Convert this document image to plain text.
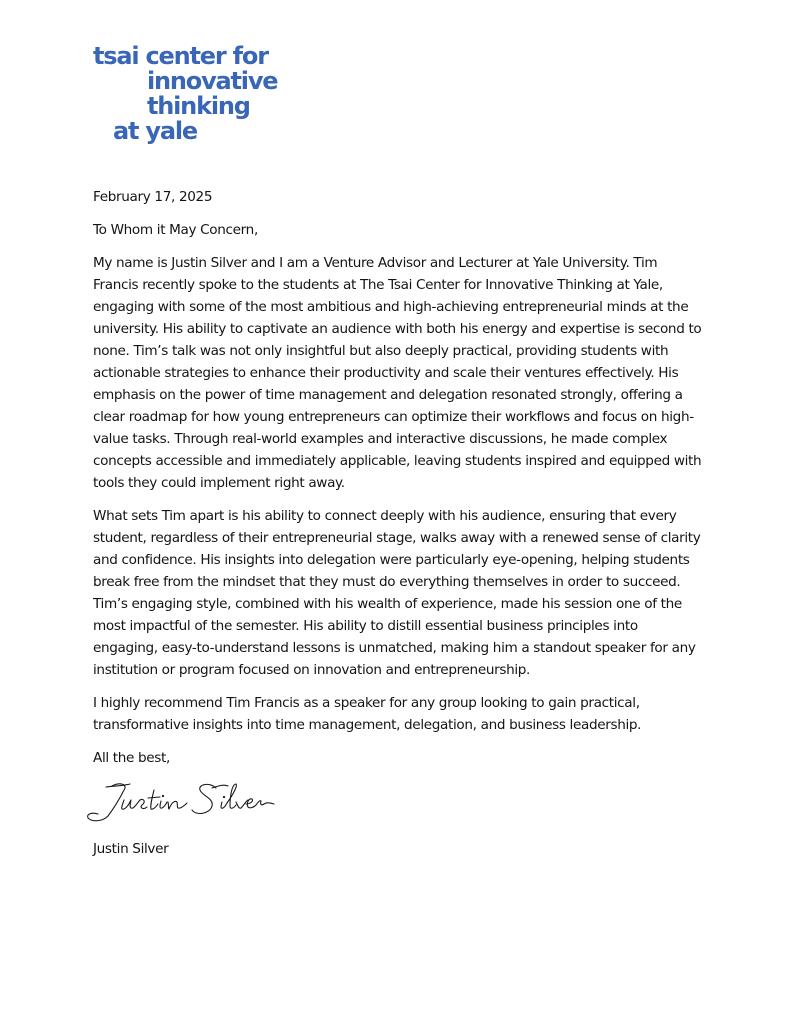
tsai center for
innovative
thinking
at yale

February 17, 2025

To Whom it May Concern,

My name is Justin Silver and I am a Venture Advisor and Lecturer at Yale University. Tim Francis recently spoke to the students at The Tsai Center for Innovative Thinking at Yale, engaging with some of the most ambitious and high-achieving entrepreneurial minds at the university. His ability to captivate an audience with both his energy and expertise is second to none. Tim’s talk was not only insightful but also deeply practical, providing students with actionable strategies to enhance their productivity and scale their ventures effectively. His emphasis on the power of time management and delegation resonated strongly, offering a clear roadmap for how young entrepreneurs can optimize their workflows and focus on high-value tasks. Through real-world examples and interactive discussions, he made complex concepts accessible and immediately applicable, leaving students inspired and equipped with tools they could implement right away.

What sets Tim apart is his ability to connect deeply with his audience, ensuring that every student, regardless of their entrepreneurial stage, walks away with a renewed sense of clarity and confidence. His insights into delegation were particularly eye-opening, helping students break free from the mindset that they must do everything themselves in order to succeed. Tim’s engaging style, combined with his wealth of experience, made his session one of the most impactful of the semester. His ability to distill essential business principles into engaging, easy-to-understand lessons is unmatched, making him a standout speaker for any institution or program focused on innovation and entrepreneurship.

I highly recommend Tim Francis as a speaker for any group looking to gain practical, transformative insights into time management, delegation, and business leadership.

All the best,

Justin Silver
